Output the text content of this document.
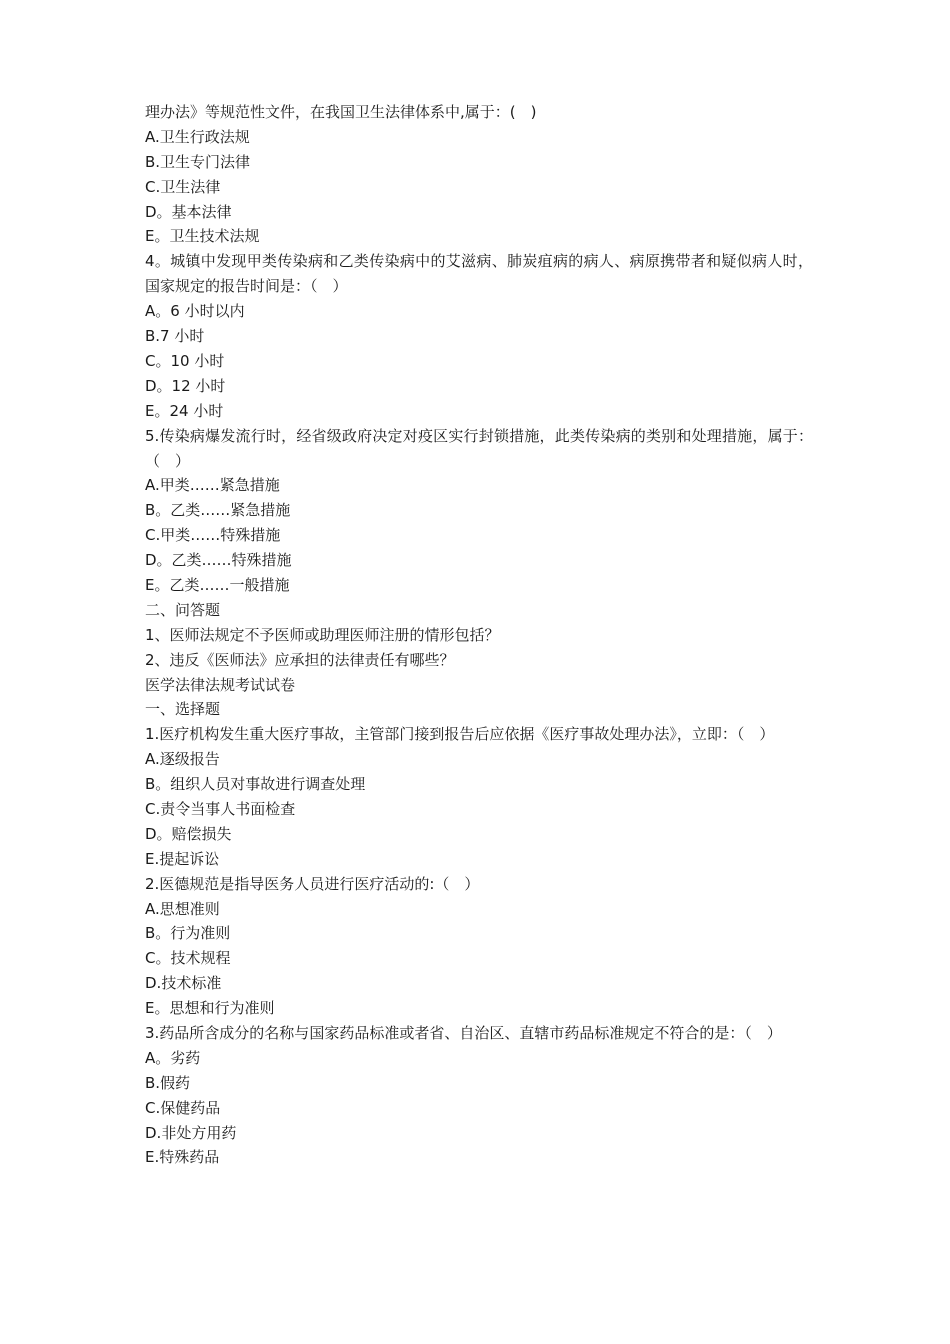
理办法》等规范性文件，在我国卫生法律体系中,属于：(　)
A.卫生行政法规
B.卫生专门法律
C.卫生法律
D。基本法律
E。卫生技术法规
4。城镇中发现甲类传染病和乙类传染病中的艾滋病、肺炭疽病的病人、病原携带者和疑似病人时，国家规定的报告时间是：（　）
A。6 小时以内
B.7 小时
C。10 小时
D。12 小时
E。24 小时
5.传染病爆发流行时，经省级政府决定对疫区实行封锁措施，此类传染病的类别和处理措施，属于：（　）
A.甲类……紧急措施
B。乙类……紧急措施
C.甲类……特殊措施
D。乙类……特殊措施
E。乙类……一般措施
二、问答题
1、医师法规定不予医师或助理医师注册的情形包括？
2、违反《医师法》应承担的法律责任有哪些？
医学法律法规考试试卷
一、选择题
1.医疗机构发生重大医疗事故，主管部门接到报告后应依据《医疗事故处理办法》，立即：（　）
A.逐级报告
B。组织人员对事故进行调查处理
C.责令当事人书面检查
D。赔偿损失
E.提起诉讼
2.医德规范是指导医务人员进行医疗活动的:（　）
A.思想准则
B。行为准则
C。技术规程
D.技术标准
E。思想和行为准则
3.药品所含成分的名称与国家药品标准或者省、自治区、直辖市药品标准规定不符合的是：（　）
A。劣药
B.假药
C.保健药品
D.非处方用药
E.特殊药品
